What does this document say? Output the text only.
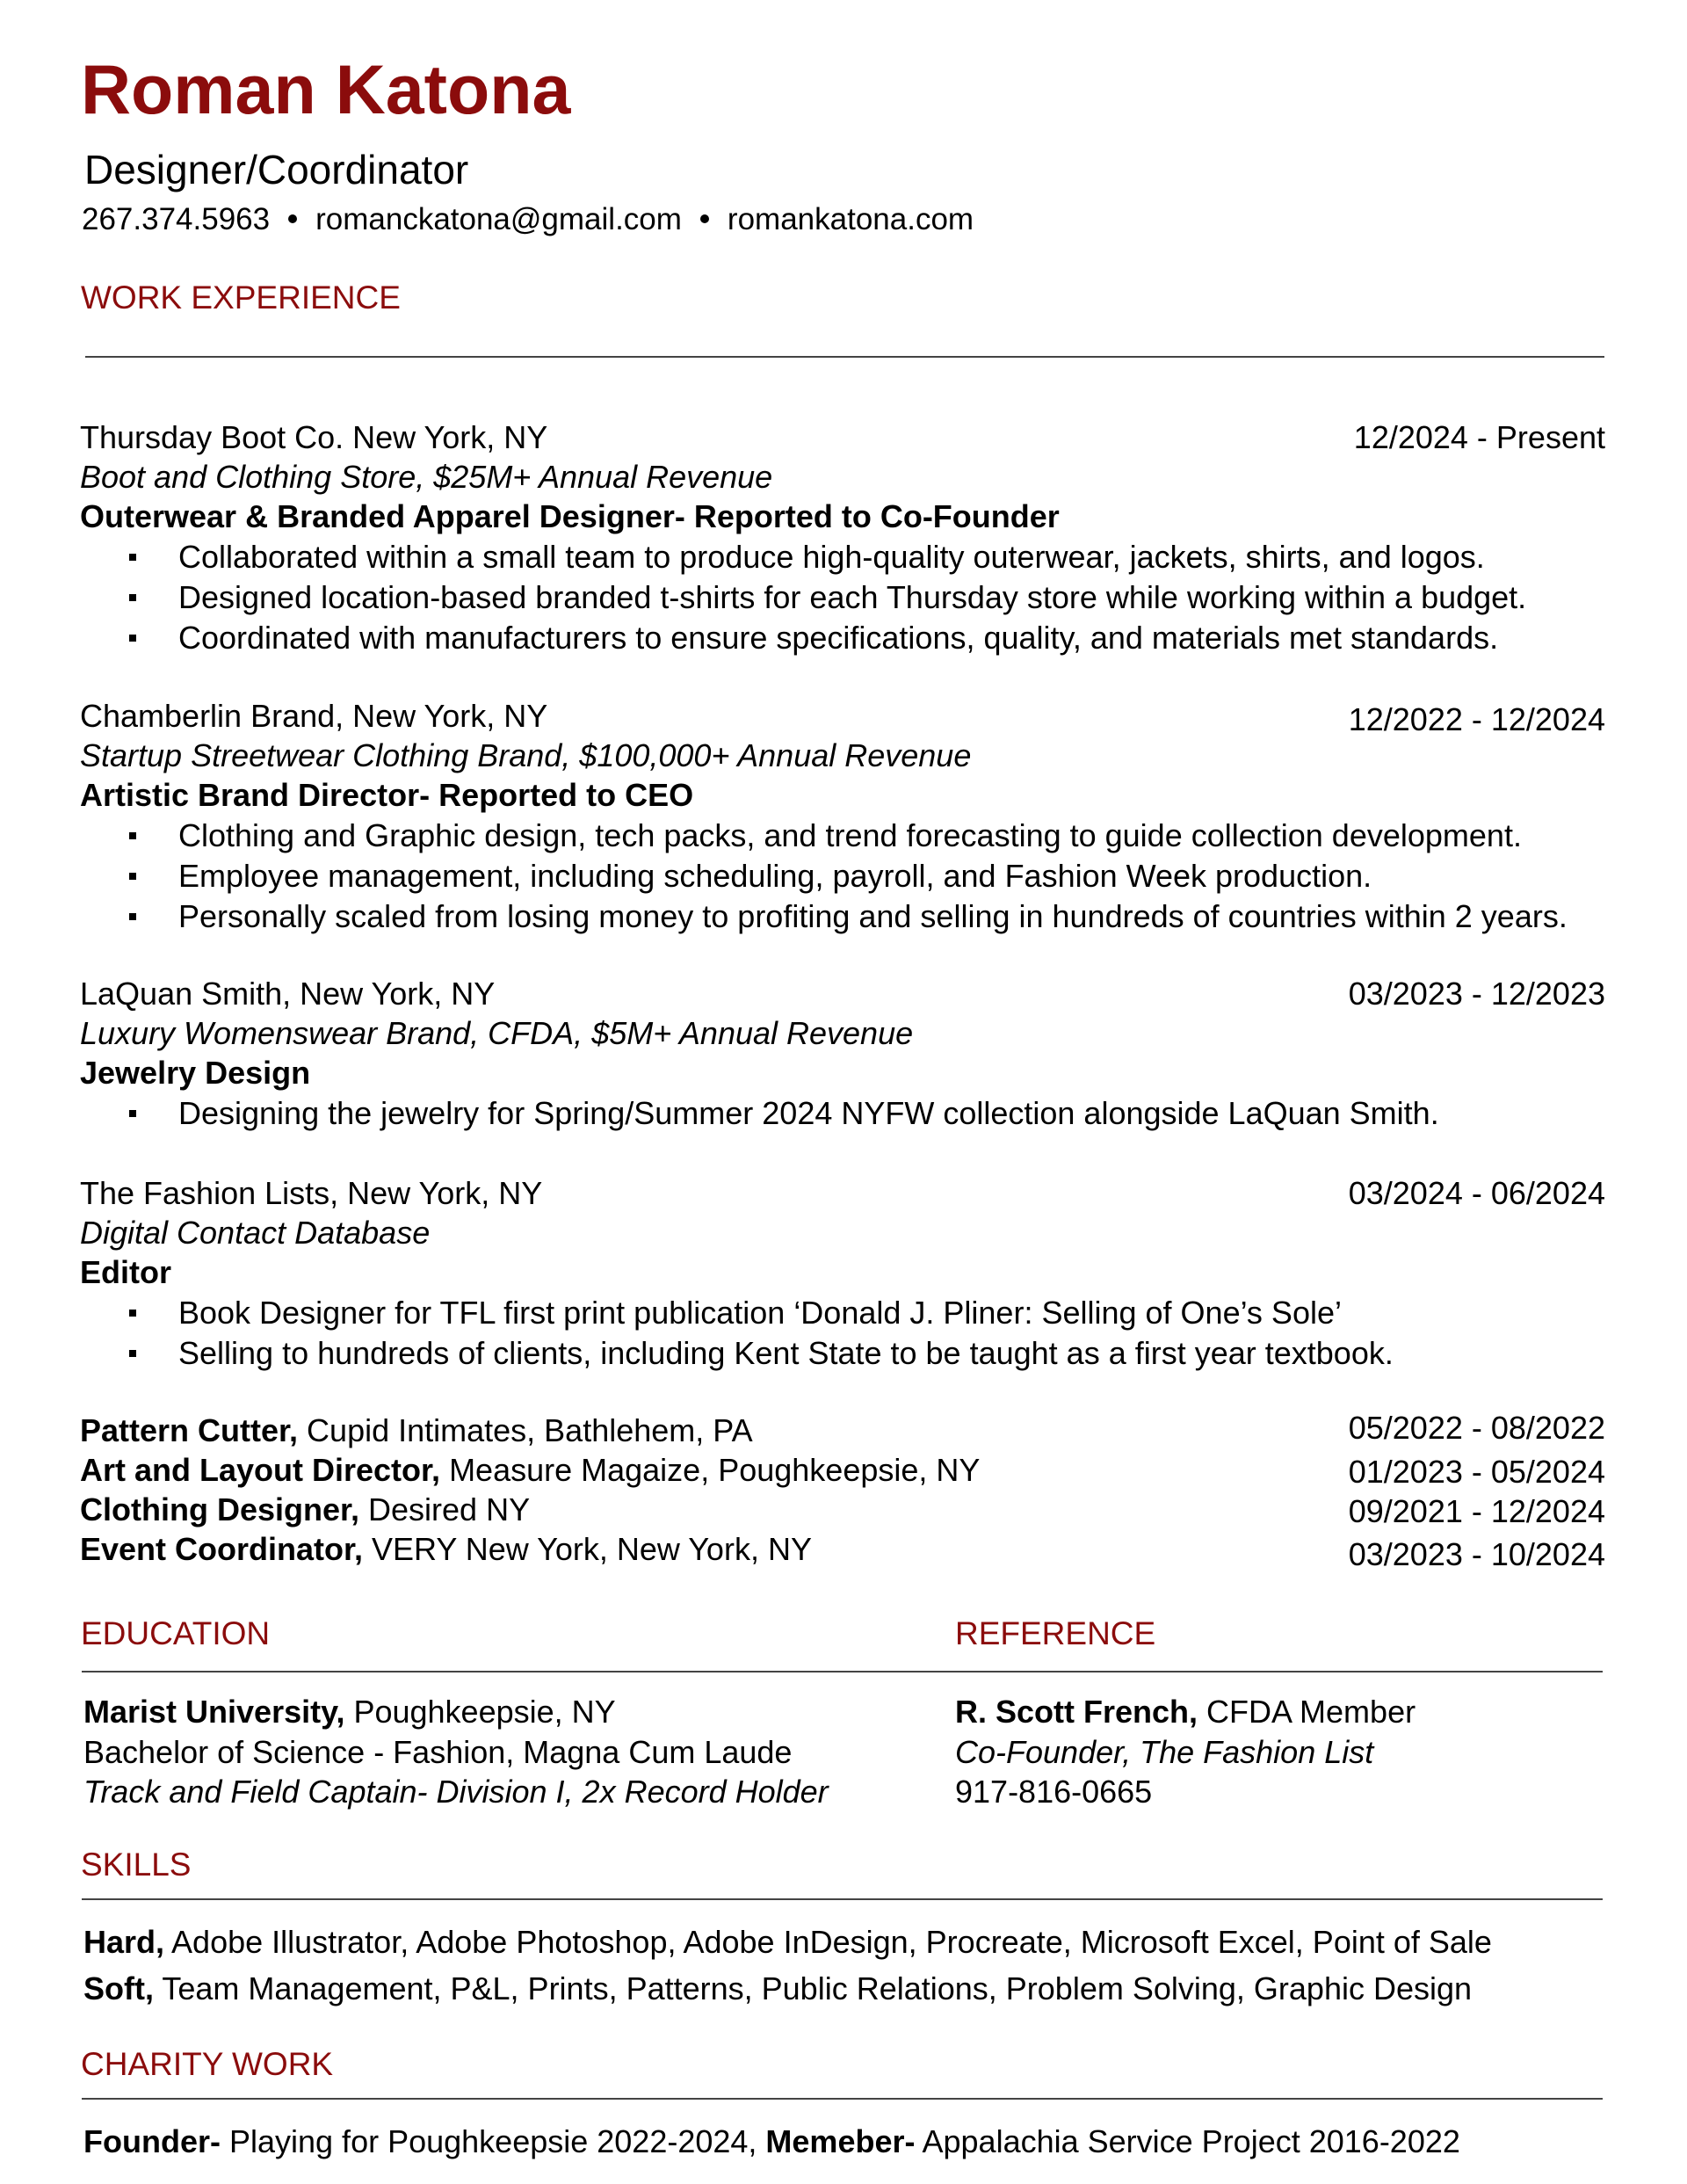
Roman Katona
Designer/Coordinator
267.374.5963 romanckatona@gmail.com romankatona.com
WORK EXPERIENCE
Thursday Boot Co. New York, NY	12/2024 - Present
Boot and Clothing Store, $25M+ Annual Revenue
Outerwear & Branded Apparel Designer- Reported to Co-Founder
Collaborated within a small team to produce high-quality outerwear, jackets, shirts, and logos.
Designed location-based branded t-shirts for each Thursday store while working within a budget.
Coordinated with manufacturers to ensure specifications, quality, and materials met standards.
Chamberlin Brand, New York, NY	12/2022 - 12/2024
Startup Streetwear Clothing Brand, $100,000+ Annual Revenue
Artistic Brand Director- Reported to CEO
Clothing and Graphic design, tech packs, and trend forecasting to guide collection development.
Employee management, including scheduling, payroll, and Fashion Week production.
Personally scaled from losing money to profiting and selling in hundreds of countries within 2 years.
LaQuan Smith, New York, NY	03/2023 - 12/2023
Luxury Womenswear Brand, CFDA, $5M+ Annual Revenue
Jewelry Design
Designing the jewelry for Spring/Summer 2024 NYFW collection alongside LaQuan Smith.
The Fashion Lists, New York, NY	03/2024 - 06/2024
Digital Contact Database
Editor
Book Designer for TFL first print publication ‘Donald J. Pliner: Selling of One’s Sole’
Selling to hundreds of clients, including Kent State to be taught as a first year textbook.
Pattern Cutter, Cupid Intimates, Bathlehem, PA	05/2022 - 08/2022
Art and Layout Director, Measure Magaize, Poughkeepsie, NY	01/2023 - 05/2024
Clothing Designer, Desired NY	09/2021 - 12/2024
Event Coordinator, VERY New York, New York, NY	03/2023 - 10/2024
EDUCATION
Marist University, Poughkeepsie, NY
Bachelor of Science - Fashion, Magna Cum Laude
Track and Field Captain- Division I, 2x Record Holder
REFERENCE
R. Scott French, CFDA Member
Co-Founder, The Fashion List
917-816-0665
SKILLS
Hard, Adobe Illustrator, Adobe Photoshop, Adobe InDesign, Procreate, Microsoft Excel, Point of Sale
Soft, Team Management, P&L, Prints, Patterns, Public Relations, Problem Solving, Graphic Design
CHARITY WORK
Founder- Playing for Poughkeepsie 2022-2024, Memeber- Appalachia Service Project 2016-2022
